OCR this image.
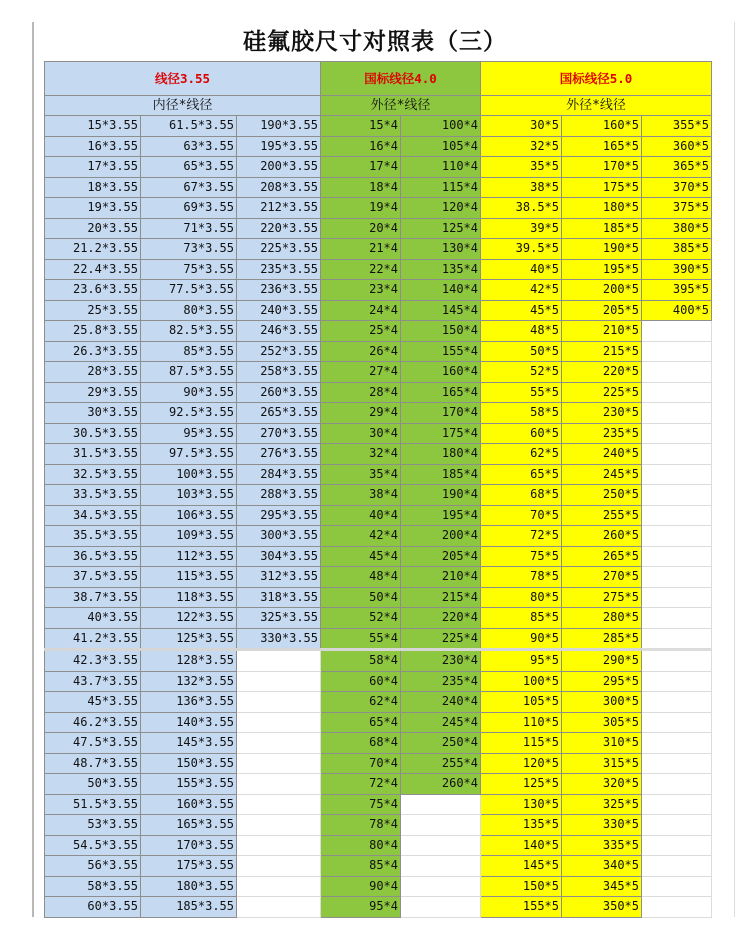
硅氟胶尺寸对照表（三）
线径3.55			国标线径4.0		国标线径5.0		
内径*线径			外径*线径		外径*线径		
15*3.55	61.5*3.55	190*3.55	15*4	100*4	30*5	160*5	355*5
16*3.55	63*3.55	195*3.55	16*4	105*4	32*5	165*5	360*5
17*3.55	65*3.55	200*3.55	17*4	110*4	35*5	170*5	365*5
18*3.55	67*3.55	208*3.55	18*4	115*4	38*5	175*5	370*5
19*3.55	69*3.55	212*3.55	19*4	120*4	38.5*5	180*5	375*5
20*3.55	71*3.55	220*3.55	20*4	125*4	39*5	185*5	380*5
21.2*3.55	73*3.55	225*3.55	21*4	130*4	39.5*5	190*5	385*5
22.4*3.55	75*3.55	235*3.55	22*4	135*4	40*5	195*5	390*5
23.6*3.55	77.5*3.55	236*3.55	23*4	140*4	42*5	200*5	395*5
25*3.55	80*3.55	240*3.55	24*4	145*4	45*5	205*5	400*5
25.8*3.55	82.5*3.55	246*3.55	25*4	150*4	48*5	210*5	
26.3*3.55	85*3.55	252*3.55	26*4	155*4	50*5	215*5	
28*3.55	87.5*3.55	258*3.55	27*4	160*4	52*5	220*5	
29*3.55	90*3.55	260*3.55	28*4	165*4	55*5	225*5	
30*3.55	92.5*3.55	265*3.55	29*4	170*4	58*5	230*5	
30.5*3.55	95*3.55	270*3.55	30*4	175*4	60*5	235*5	
31.5*3.55	97.5*3.55	276*3.55	32*4	180*4	62*5	240*5	
32.5*3.55	100*3.55	284*3.55	35*4	185*4	65*5	245*5	
33.5*3.55	103*3.55	288*3.55	38*4	190*4	68*5	250*5	
34.5*3.55	106*3.55	295*3.55	40*4	195*4	70*5	255*5	
35.5*3.55	109*3.55	300*3.55	42*4	200*4	72*5	260*5	
36.5*3.55	112*3.55	304*3.55	45*4	205*4	75*5	265*5	
37.5*3.55	115*3.55	312*3.55	48*4	210*4	78*5	270*5	
38.7*3.55	118*3.55	318*3.55	50*4	215*4	80*5	275*5	
40*3.55	122*3.55	325*3.55	52*4	220*4	85*5	280*5	
41.2*3.55	125*3.55	330*3.55	55*4	225*4	90*5	285*5	
42.3*3.55	128*3.55		58*4	230*4	95*5	290*5	
43.7*3.55	132*3.55		60*4	235*4	100*5	295*5	
45*3.55	136*3.55		62*4	240*4	105*5	300*5	
46.2*3.55	140*3.55		65*4	245*4	110*5	305*5	
47.5*3.55	145*3.55		68*4	250*4	115*5	310*5	
48.7*3.55	150*3.55		70*4	255*4	120*5	315*5	
50*3.55	155*3.55		72*4	260*4	125*5	320*5	
51.5*3.55	160*3.55		75*4		130*5	325*5	
53*3.55	165*3.55		78*4		135*5	330*5	
54.5*3.55	170*3.55		80*4		140*5	335*5	
56*3.55	175*3.55		85*4		145*5	340*5	
58*3.55	180*3.55		90*4		150*5	345*5	
60*3.55	185*3.55		95*4		155*5	350*5	
